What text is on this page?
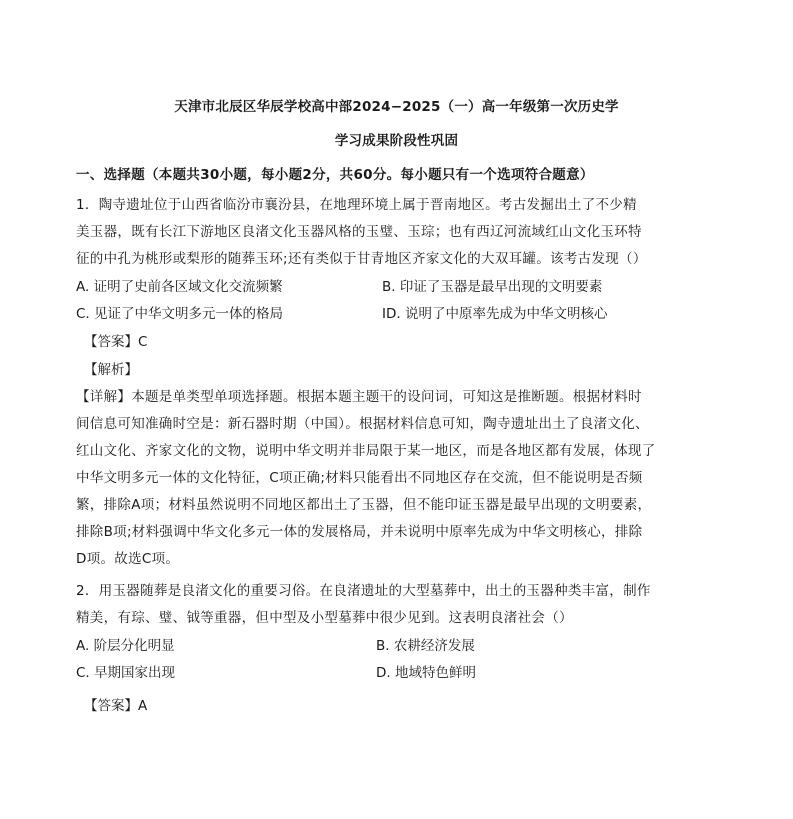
天津市北辰区华辰学校高中部2024−2025（一）高一年级第一次历史学
学习成果阶段性巩固
一、选择题（本题共30小题，每小题2分，共60分。每小题只有一个选项符合题意）
1．陶寺遗址位于山西省临汾市襄汾县，在地理环境上属于晋南地区。考古发掘出土了不少精
美玉器，既有长江下游地区良渚文化玉器风格的玉璧、玉琮；也有西辽河流域红山文化玉环特
征的中孔为桃形或梨形的随葬玉环;还有类似于甘青地区齐家文化的大双耳罐。该考古发现（）
A. 证明了史前各区域文化交流频繁	B. 印证了玉器是最早出现的文明要素
C. 见证了中华文明多元一体的格局	ID. 说明了中原率先成为中华文明核心
【答案】C
【解析】
【详解】本题是单类型单项选择题。根据本题主题干的设问词，可知这是推断题。根据材料时
间信息可知准确时空是：新石器时期（中国）。根据材料信息可知，陶寺遗址出土了良渚文化、
红山文化、齐家文化的文物，说明中华文明并非局限于某一地区，而是各地区都有发展，体现了
中华文明多元一体的文化特征，C项正确;材料只能看出不同地区存在交流，但不能说明是否频
繁，排除A项；材料虽然说明不同地区都出土了玉器，但不能印证玉器是最早出现的文明要素，
排除B项;材料强调中华文化多元一体的发展格局，并未说明中原率先成为中华文明核心，排除
D项。故选C项。
2．用玉器随葬是良渚文化的重要习俗。在良渚遗址的大型墓葬中，出土的玉器种类丰富，制作
精美，有琮、璧、钺等重器，但中型及小型墓葬中很少见到。这表明良渚社会（）
A. 阶层分化明显	B. 农耕经济发展
C. 早期国家出现	D. 地域特色鲜明
【答案】A
